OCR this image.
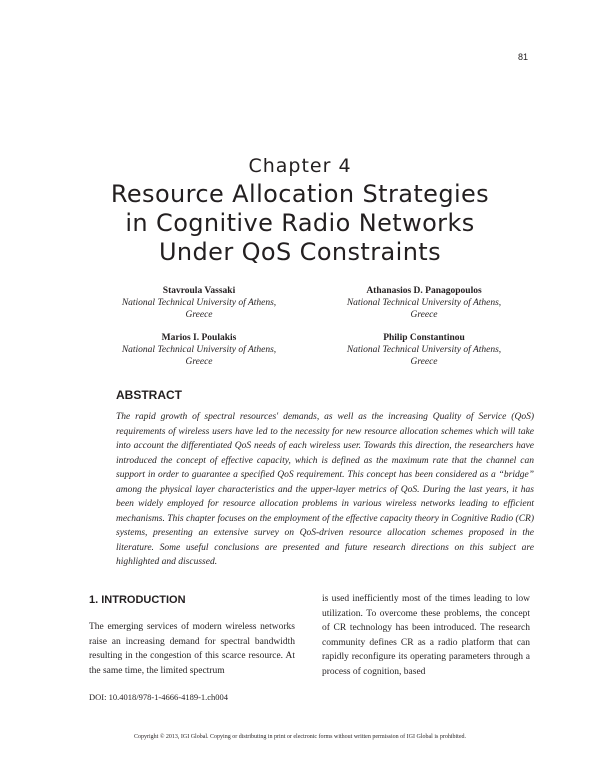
81
Chapter 4
Resource Allocation Strategies
in Cognitive Radio Networks
Under QoS Constraints
Stavroula Vassaki
National Technical University of Athens,
Greece
Athanasios D. Panagopoulos
National Technical University of Athens,
Greece
Marios I. Poulakis
National Technical University of Athens,
Greece
Philip Constantinou
National Technical University of Athens,
Greece
ABSTRACT
The rapid growth of spectral resources' demands, as well as the increasing Quality of Service (QoS) requirements of wireless users have led to the necessity for new resource allocation schemes which will take into account the differentiated QoS needs of each wireless user. Towards this direction, the researchers have introduced the concept of effective capacity, which is defined as the maximum rate that the channel can support in order to guarantee a specified QoS requirement. This concept has been considered as a “bridge” among the physical layer characteristics and the upper-layer metrics of QoS. During the last years, it has been widely employed for resource allocation problems in various wireless networks leading to efficient mechanisms. This chapter focuses on the employment of the effective capacity theory in Cognitive Radio (CR) systems, presenting an extensive survey on QoS-driven resource allocation schemes proposed in the literature. Some useful conclusions are presented and future research directions on this subject are highlighted and discussed.
1. INTRODUCTION
The emerging services of modern wireless networks raise an increasing demand for spectral bandwidth resulting in the congestion of this scarce resource. At the same time, the limited spectrum
is used inefficiently most of the times leading to low utilization. To overcome these problems, the concept of CR technology has been introduced. The research community defines CR as a radio platform that can rapidly reconfigure its operating parameters through a process of cognition, based
DOI: 10.4018/978-1-4666-4189-1.ch004
Copyright © 2013, IGI Global. Copying or distributing in print or electronic forms without written permission of IGI Global is prohibited.
